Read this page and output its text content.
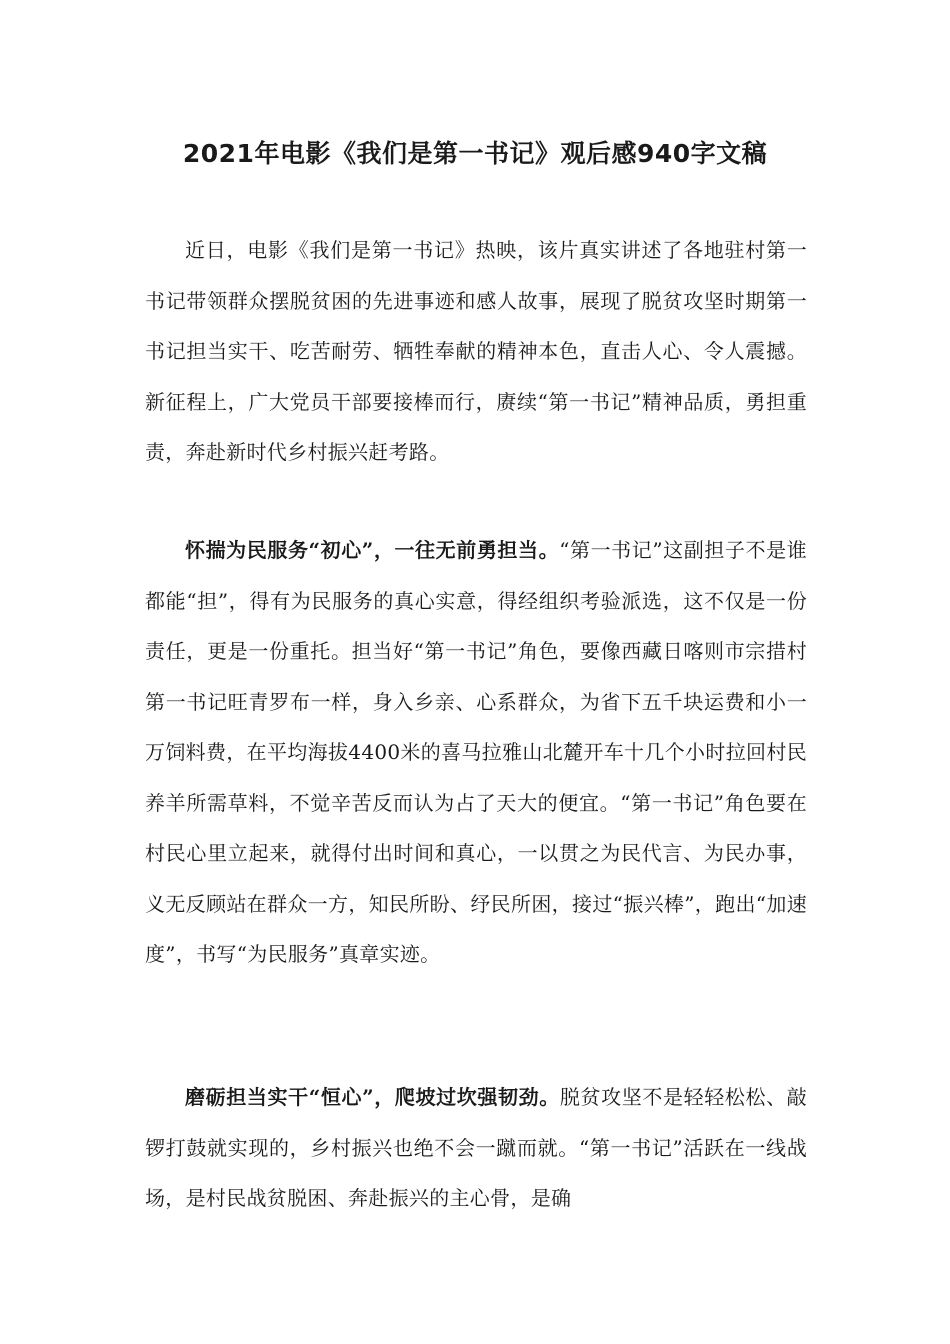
2021年电影《我们是第一书记》观后感940字文稿

近日，电影《我们是第一书记》热映，该片真实讲述了各地驻村第一书记带领群众摆脱贫困的先进事迹和感人故事，展现了脱贫攻坚时期第一书记担当实干、吃苦耐劳、牺牲奉献的精神本色，直击人心、令人震撼。新征程上，广大党员干部要接棒而行，赓续“第一书记”精神品质，勇担重责，奔赴新时代乡村振兴赶考路。

怀揣为民服务“初心”，一往无前勇担当。“第一书记”这副担子不是谁都能“担”，得有为民服务的真心实意，得经组织考验派选，这不仅是一份责任，更是一份重托。担当好“第一书记”角色，要像西藏日喀则市宗措村第一书记旺青罗布一样，身入乡亲、心系群众，为省下五千块运费和小一万饲料费，在平均海拔4400米的喜马拉雅山北麓开车十几个小时拉回村民养羊所需草料，不觉辛苦反而认为占了天大的便宜。“第一书记”角色要在村民心里立起来，就得付出时间和真心，一以贯之为民代言、为民办事，义无反顾站在群众一方，知民所盼、纾民所困，接过“振兴棒”，跑出“加速度”，书写“为民服务”真章实迹。

磨砺担当实干“恒心”，爬坡过坎强韧劲。脱贫攻坚不是轻轻松松、敲锣打鼓就实现的，乡村振兴也绝不会一蹴而就。“第一书记”活跃在一线战场，是村民战贫脱困、奔赴振兴的主心骨，是确
